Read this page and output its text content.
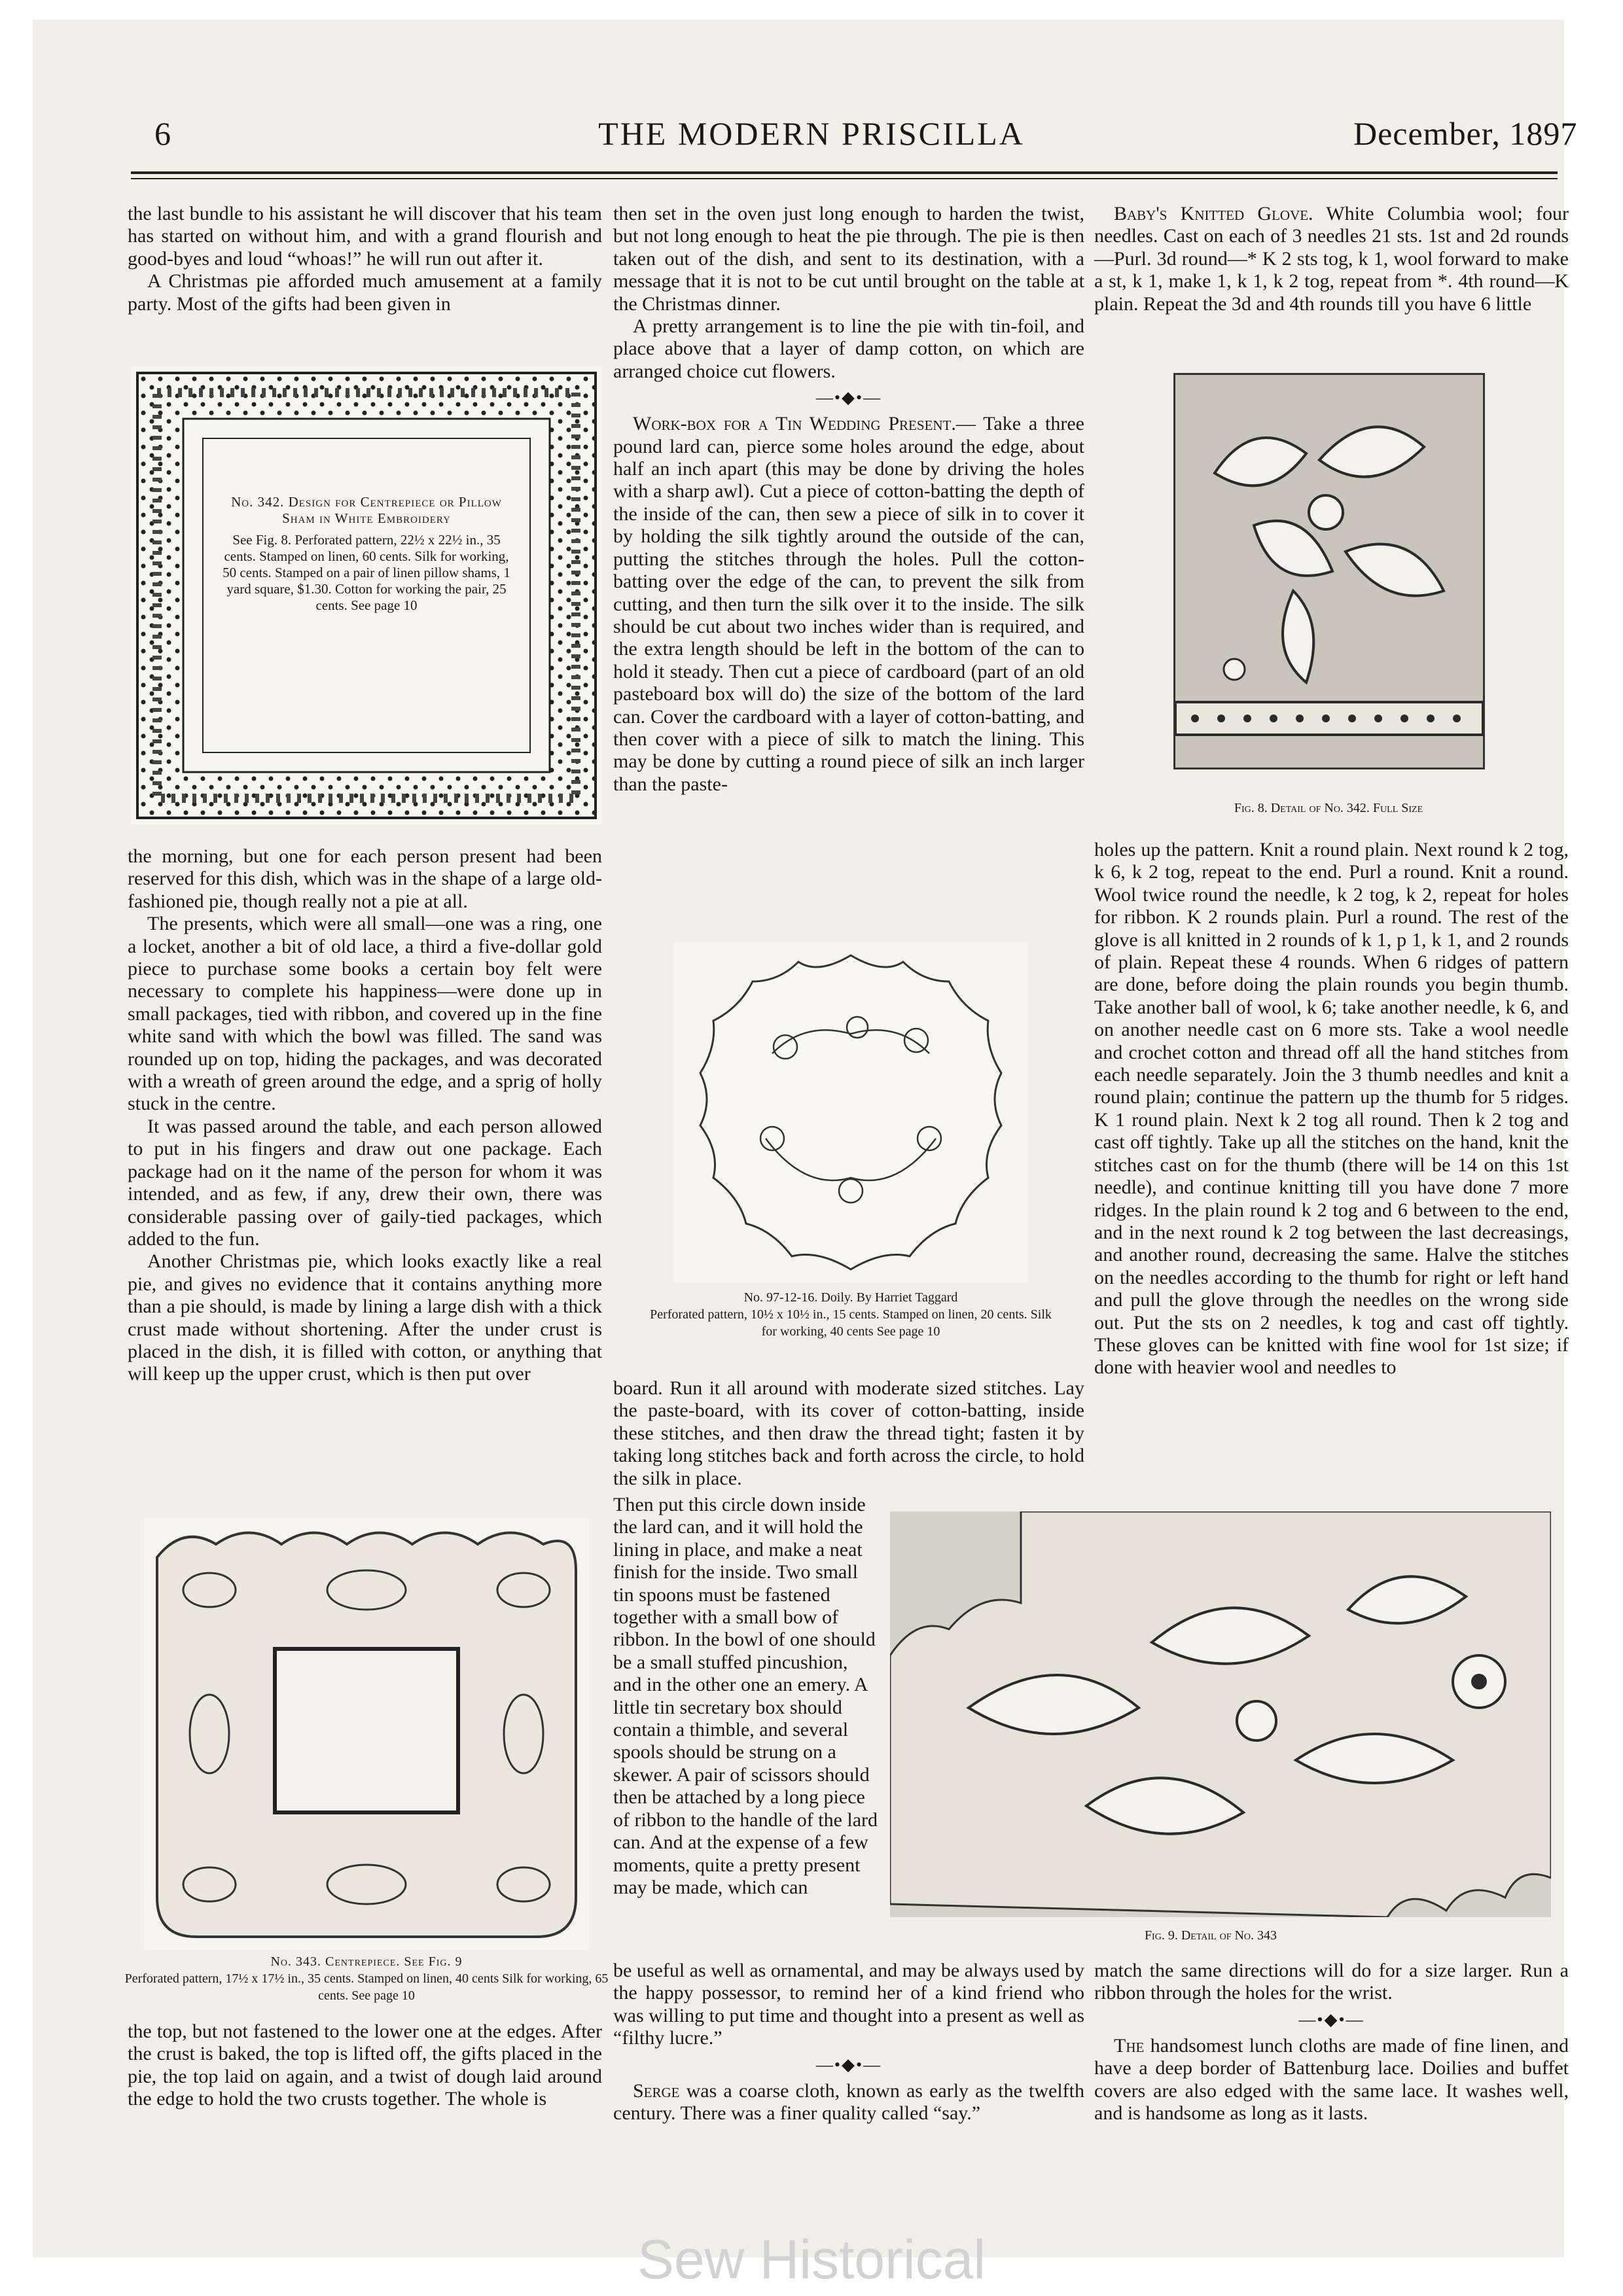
6	THE MODERN PRISCILLA	December, 1897

the last bundle to his assistant he will discover that his team has started on without him, and with a grand flourish and good-byes and loud “whoas!” he will run out after it.

A Christmas pie afforded much amusement at a family party. Most of the gifts had been given in

No. 342. Design for Centrepiece or Pillow Sham in White Embroidery
See Fig. 8. Perforated pattern, 22½ x 22½ in., 35 cents. Stamped on linen, 60 cents. Silk for working, 50 cents. Stamped on a pair of linen pillow shams, 1 yard square, $1.30. Cotton for working the pair, 25 cents. See page 10

the morning, but one for each person present had been reserved for this dish, which was in the shape of a large old-fashioned pie, though really not a pie at all.

The presents, which were all small—one was a ring, one a locket, another a bit of old lace, a third a five-dollar gold piece to purchase some books a certain boy felt were necessary to complete his happiness—were done up in small packages, tied with ribbon, and covered up in the fine white sand with which the bowl was filled. The sand was rounded up on top, hiding the packages, and was decorated with a wreath of green around the edge, and a sprig of holly stuck in the centre.

It was passed around the table, and each person allowed to put in his fingers and draw out one package. Each package had on it the name of the person for whom it was intended, and as few, if any, drew their own, there was considerable passing over of gaily-tied packages, which added to the fun.

Another Christmas pie, which looks exactly like a real pie, and gives no evidence that it contains anything more than a pie should, is made by lining a large dish with a thick crust made without shortening. After the under crust is placed in the dish, it is filled with cotton, or anything that will keep up the upper crust, which is then put over

No. 343. Centrepiece. See Fig. 9
Perforated pattern, 17½ x 17½ in., 35 cents. Stamped on linen, 40 cents Silk for working, 65 cents. See page 10

the top, but not fastened to the lower one at the edges. After the crust is baked, the top is lifted off, the gifts placed in the pie, the top laid on again, and a twist of dough laid around the edge to hold the two crusts together. The whole is

then set in the oven just long enough to harden the twist, but not long enough to heat the pie through. The pie is then taken out of the dish, and sent to its destination, with a message that it is not to be cut until brought on the table at the Christmas dinner.

A pretty arrangement is to line the pie with tin-foil, and place above that a layer of damp cotton, on which are arranged choice cut flowers.

—•◆•—

Work-box for a Tin Wedding Present.— Take a three pound lard can, pierce some holes around the edge, about half an inch apart (this may be done by driving the holes with a sharp awl). Cut a piece of cotton-batting the depth of the inside of the can, then sew a piece of silk in to cover it by holding the silk tightly around the outside of the can, putting the stitches through the holes. Pull the cotton-batting over the edge of the can, to prevent the silk from cutting, and then turn the silk over it to the inside. The silk should be cut about two inches wider than is required, and the extra length should be left in the bottom of the can to hold it steady. Then cut a piece of cardboard (part of an old pasteboard box will do) the size of the bottom of the lard can. Cover the cardboard with a layer of cotton-batting, and then cover with a piece of silk to match the lining. This may be done by cutting a round piece of silk an inch larger than the paste-

No. 97-12-16. Doily. By Harriet Taggard
Perforated pattern, 10½ x 10½ in., 15 cents. Stamped on linen, 20 cents. Silk for working, 40 cents See page 10

board. Run it all around with moderate sized stitches. Lay the paste-board, with its cover of cotton-batting, inside these stitches, and then draw the thread tight; fasten it by taking long stitches back and forth across the circle, to hold the silk in place.

Then put this circle down inside the lard can, and it will hold the lining in place, and make a neat finish for the inside. Two small tin spoons must be fastened together with a small bow of ribbon. In the bowl of one should be a small stuffed pincushion, and in the other one an emery. A little tin secretary box should contain a thimble, and several spools should be strung on a skewer. A pair of scissors should then be attached by a long piece of ribbon to the handle of the lard can. And at the expense of a few moments, quite a pretty present may be made, which can

be useful as well as ornamental, and may be always used by the happy possessor, to remind her of a kind friend who was willing to put time and thought into a present as well as “filthy lucre.”

—•◆•—

Serge was a coarse cloth, known as early as the twelfth century. There was a finer quality called “say.”

Baby's Knitted Glove. White Columbia wool; four needles. Cast on each of 3 needles 21 sts. 1st and 2d rounds—Purl. 3d round—* K 2 sts tog, k 1, wool forward to make a st, k 1, make 1, k 1, k 2 tog, repeat from *. 4th round—K plain. Repeat the 3d and 4th rounds till you have 6 little

Fig. 8. Detail of No. 342. Full Size

holes up the pattern. Knit a round plain. Next round k 2 tog, k 6, k 2 tog, repeat to the end. Purl a round. Knit a round. Wool twice round the needle, k 2 tog, k 2, repeat for holes for ribbon. K 2 rounds plain. Purl a round. The rest of the glove is all knitted in 2 rounds of k 1, p 1, k 1, and 2 rounds of plain. Repeat these 4 rounds. When 6 ridges of pattern are done, before doing the plain rounds you begin thumb. Take another ball of wool, k 6; take another needle, k 6, and on another needle cast on 6 more sts. Take a wool needle and crochet cotton and thread off all the hand stitches from each needle separately. Join the 3 thumb needles and knit a round plain; continue the pattern up the thumb for 5 ridges. K 1 round plain. Next k 2 tog all round. Then k 2 tog and cast off tightly. Take up all the stitches on the hand, knit the stitches cast on for the thumb (there will be 14 on this 1st needle), and continue knitting till you have done 7 more ridges. In the plain round k 2 tog and 6 between to the end, and in the next round k 2 tog between the last decreasings, and another round, decreasing the same. Halve the stitches on the needles according to the thumb for right or left hand and pull the glove through the needles on the wrong side out. Put the sts on 2 needles, k tog and cast off tightly. These gloves can be knitted with fine wool for 1st size; if done with heavier wool and needles to

Fig. 9. Detail of No. 343

match the same directions will do for a size larger. Run a ribbon through the holes for the wrist.

—•◆•—

The handsomest lunch cloths are made of fine linen, and have a deep border of Battenburg lace. Doilies and buffet covers are also edged with the same lace. It washes well, and is handsome as long as it lasts.

Sew Historical
